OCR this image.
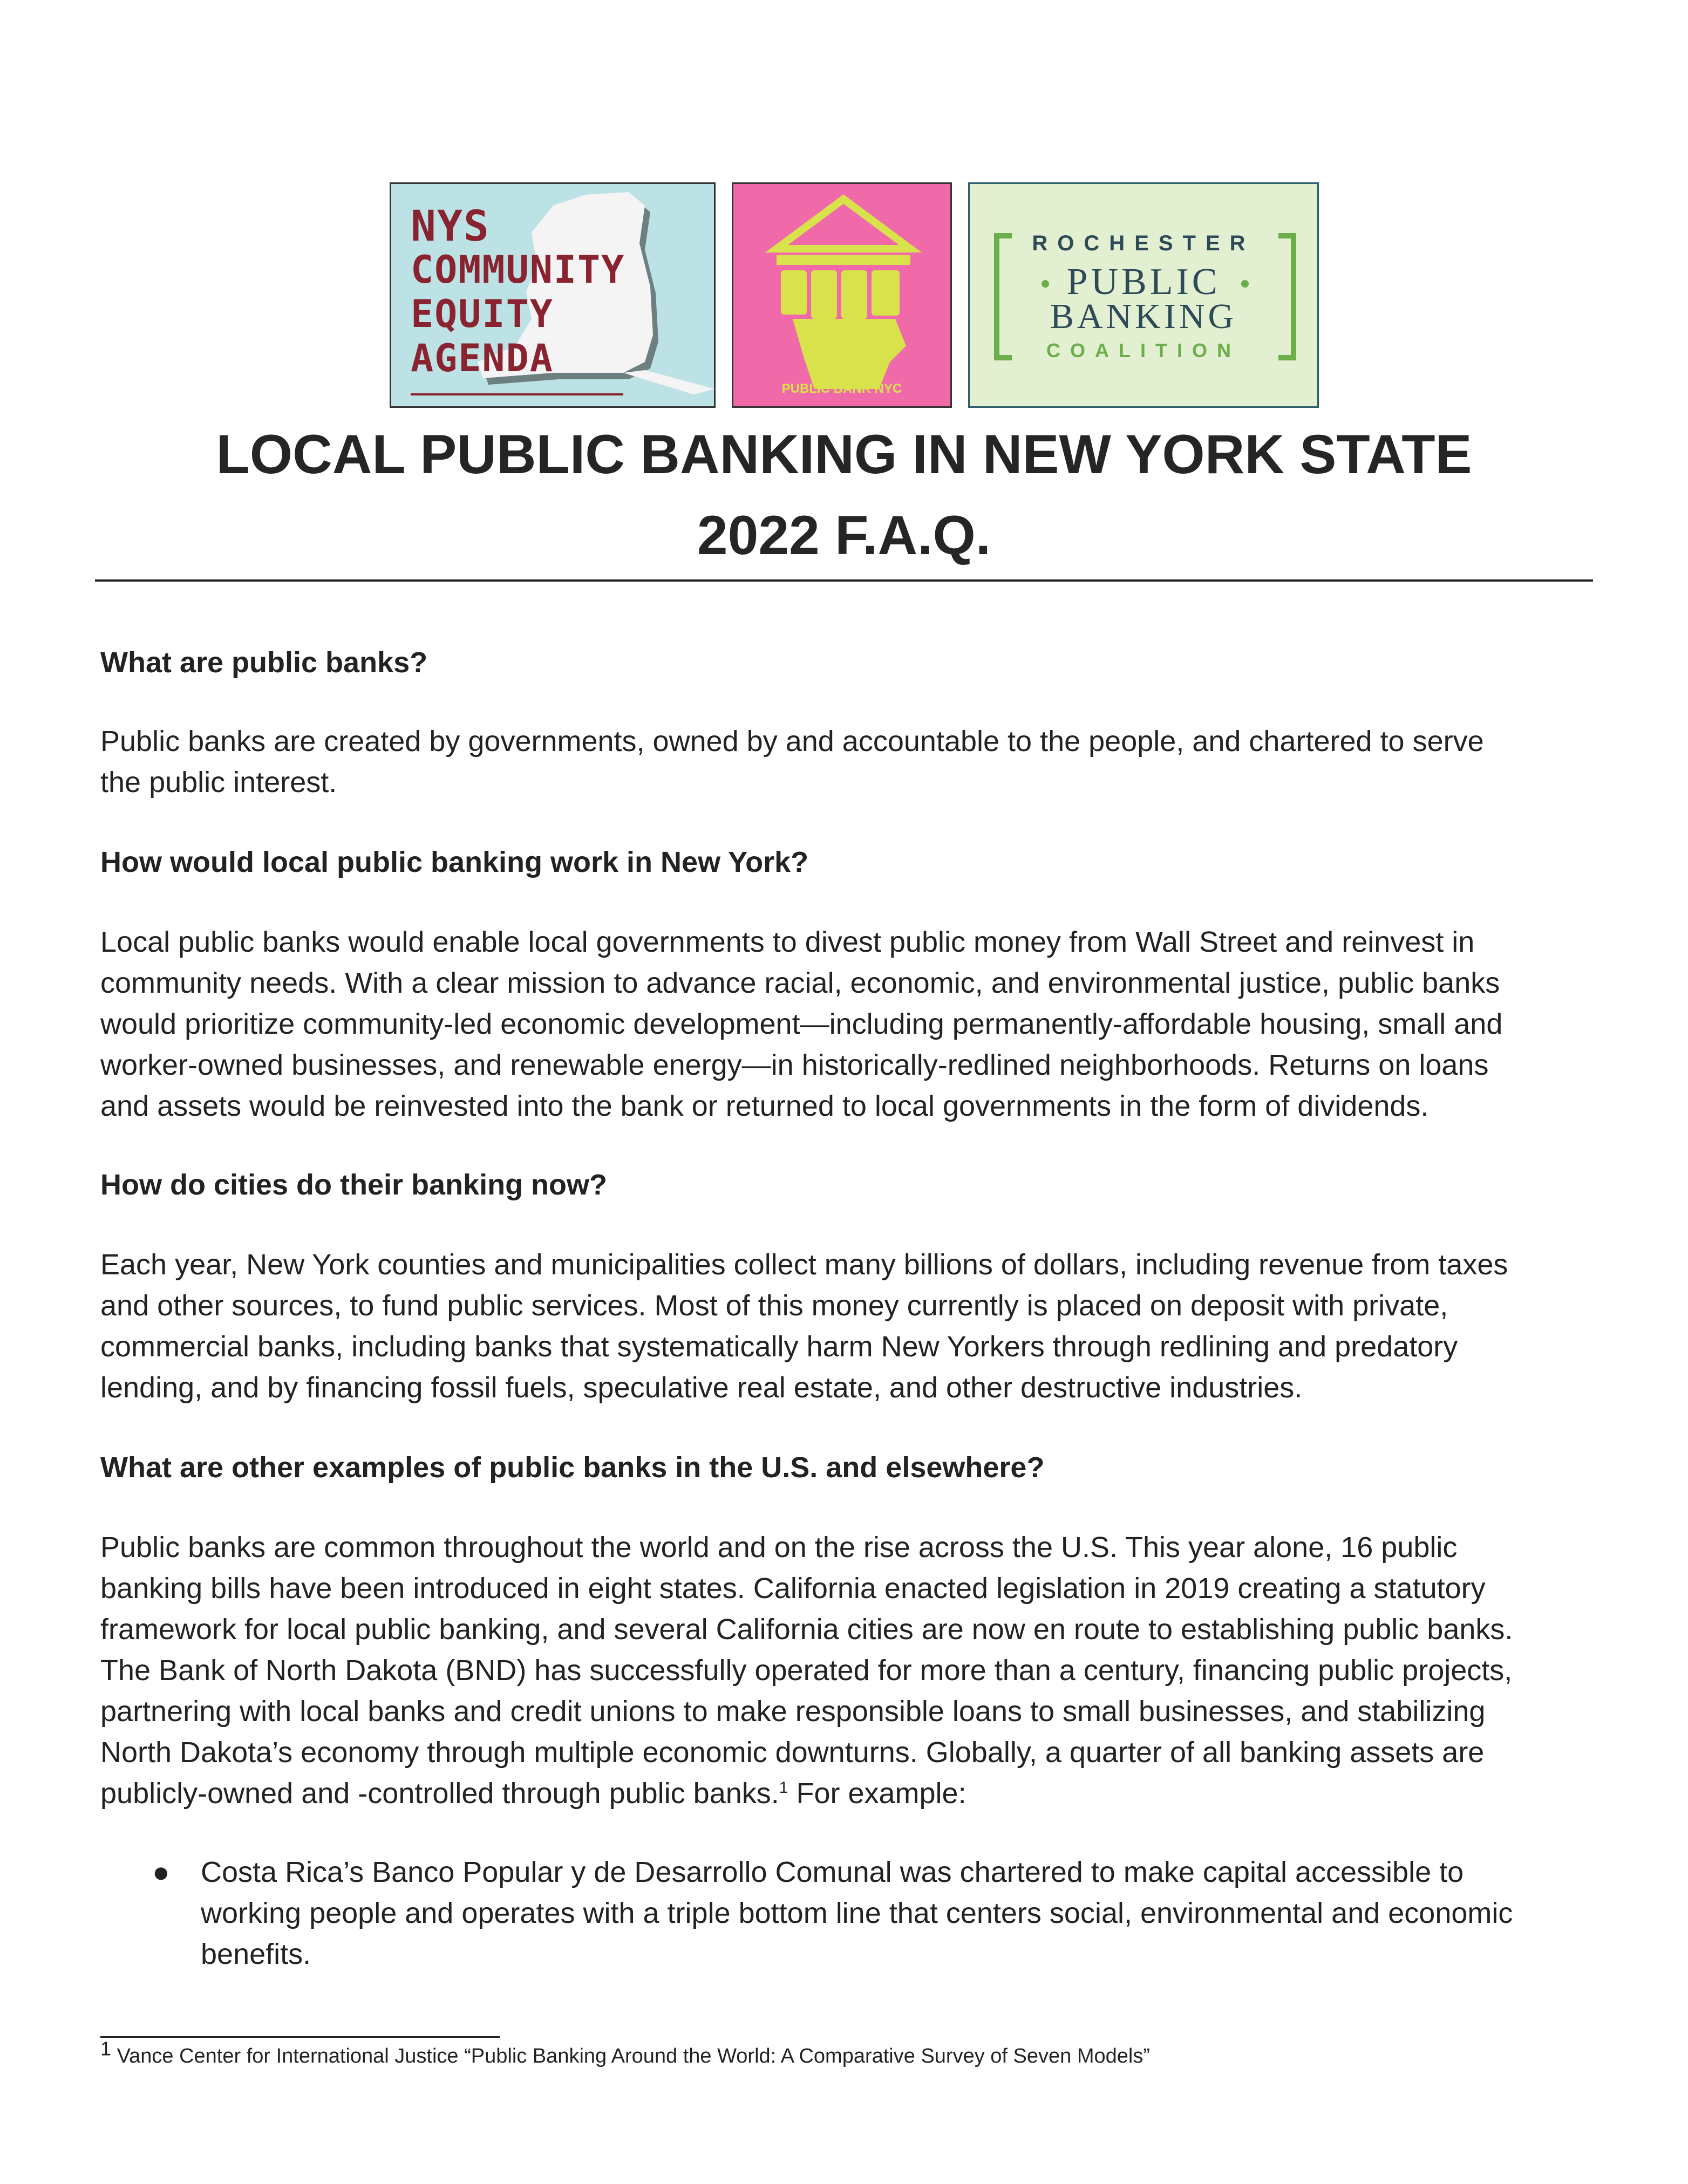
NYS
COMMUNITY
EQUITY
AGENDA
PUBLIC BANK NYC
ROCHESTER
PUBLIC
BANKING
COALITION
LOCAL PUBLIC BANKING IN NEW YORK STATE
2022 F.A.Q.

What are public banks?

Public banks are created by governments, owned by and accountable to the people, and chartered to serve

the public interest.

How would local public banking work in New York?

Local public banks would enable local governments to divest public money from Wall Street and reinvest in

community needs. With a clear mission to advance racial, economic, and environmental justice, public banks

would prioritize community-led economic development—including permanently-affordable housing, small and

worker-owned businesses, and renewable energy—in historically-redlined neighborhoods. Returns on loans

and assets would be reinvested into the bank or returned to local governments in the form of dividends.

How do cities do their banking now?

Each year, New York counties and municipalities collect many billions of dollars, including revenue from taxes

and other sources, to fund public services. Most of this money currently is placed on deposit with private,

commercial banks, including banks that systematically harm New Yorkers through redlining and predatory

lending, and by financing fossil fuels, speculative real estate, and other destructive industries.

What are other examples of public banks in the U.S. and elsewhere?

Public banks are common throughout the world and on the rise across the U.S. This year alone, 16 public

banking bills have been introduced in eight states. California enacted legislation in 2019 creating a statutory

framework for local public banking, and several California cities are now en route to establishing public banks.

The Bank of North Dakota (BND) has successfully operated for more than a century, financing public projects,

partnering with local banks and credit unions to make responsible loans to small businesses, and stabilizing

North Dakota’s economy through multiple economic downturns. Globally, a quarter of all banking assets are

publicly-owned and -controlled through public banks.$^1$ For example:

● Costa Rica’s Banco Popular y de Desarrollo Comunal was chartered to make capital accessible to

working people and operates with a triple bottom line that centers social, environmental and economic

benefits.

$^1$ Vance Center for International Justice “Public Banking Around the World: A Comparative Survey of Seven Models”
